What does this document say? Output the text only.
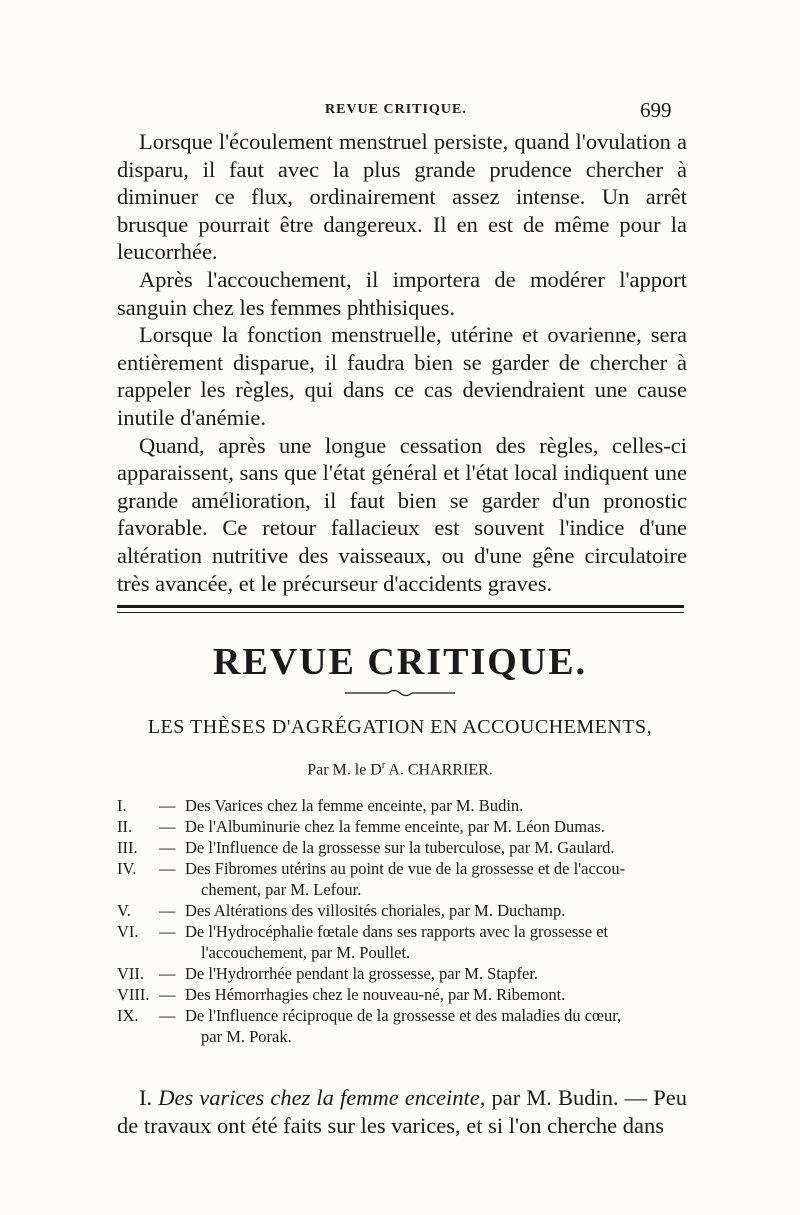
REVUE CRITIQUE.	699

Lorsque l'écoulement menstruel persiste, quand l'ovulation a disparu, il faut avec la plus grande prudence chercher à diminuer ce flux, ordinairement assez intense. Un arrêt brusque pourrait être dangereux. Il en est de même pour la leucorrhée.

Après l'accouchement, il importera de modérer l'apport sanguin chez les femmes phthisiques.

Lorsque la fonction menstruelle, utérine et ovarienne, sera entièrement disparue, il faudra bien se garder de chercher à rappeler les règles, qui dans ce cas deviendraient une cause inutile d'anémie.

Quand, après une longue cessation des règles, celles-ci apparaissent, sans que l'état général et l'état local indiquent une grande amélioration, il faut bien se garder d'un pronostic favorable. Ce retour fallacieux est souvent l'indice d'une altération nutritive des vaisseaux, ou d'une gêne circulatoire très avancée, et le précurseur d'accidents graves.

REVUE CRITIQUE.
LES THÈSES D'AGRÉGATION EN ACCOUCHEMENTS,
Par M. le $D^r$ A. CHARRIER.
I.	— Des Varices chez la femme enceinte, par M. Budin.
II.	— De l'Albuminurie chez la femme enceinte, par M. Léon Dumas.
III.	— De l'Influence de la grossesse sur la tuberculose, par M. Gaulard.
IV.	— Des Fibromes utérins au point de vue de la grossesse et de l'accou-
chement, par M. Lefour.
V.	— Des Altérations des villosités choriales, par M. Duchamp.
VI.	— De l'Hydrocéphalie fœtale dans ses rapports avec la grossesse et
l'accouchement, par M. Poullet.
VII. — De l'Hydrorrhée pendant la grossesse, par M. Stapfer.
VIII. — Des Hémorrhagies chez le nouveau-né, par M. Ribemont.
IX.	— De l'Influence réciproque de la grossesse et des maladies du cœur,
par M. Porak.

I. Des varices chez la femme enceinte, par M. Budin. — Peu de travaux ont été faits sur les varices, et si l'on cherche dans
